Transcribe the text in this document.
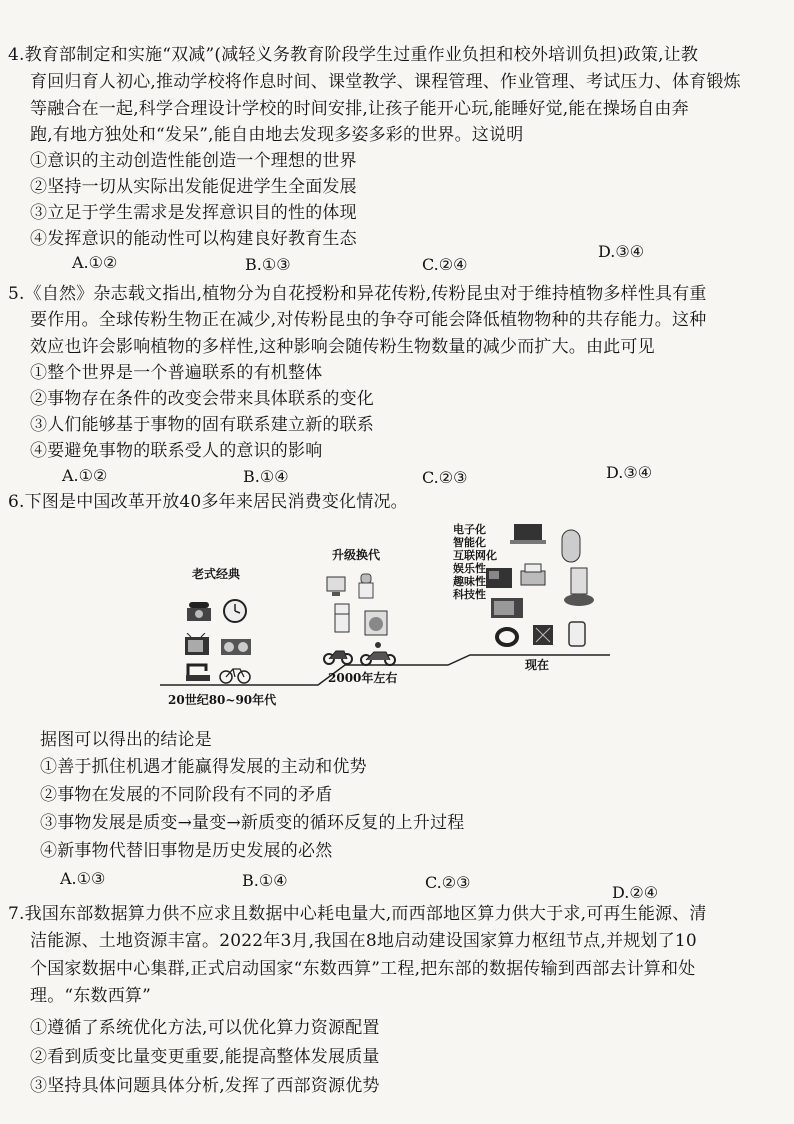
4.教育部制定和实施“双减”(减轻义务教育阶段学生过重作业负担和校外培训负担)政策,让教
育回归育人初心,推动学校将作息时间、课堂教学、课程管理、作业管理、考试压力、体育锻炼
等融合在一起,科学合理设计学校的时间安排,让孩子能开心玩,能睡好觉,能在操场自由奔
跑,有地方独处和“发呆”,能自由地去发现多姿多彩的世界。这说明
①意识的主动创造性能创造一个理想的世界
②坚持一切从实际出发能促进学生全面发展
③立足于学生需求是发挥意识目的性的体现
④发挥意识的能动性可以构建良好教育生态
A.①②	B.①③	C.②④
D.③④
5.《自然》杂志载文指出,植物分为自花授粉和异花传粉,传粉昆虫对于维持植物多样性具有重
要作用。全球传粉生物正在减少,对传粉昆虫的争夺可能会降低植物物种的共存能力。这种
效应也许会影响植物的多样性,这种影响会随传粉生物数量的减少而扩大。由此可见
①整个世界是一个普遍联系的有机整体
②事物存在条件的改变会带来具体联系的变化
③人们能够基于事物的固有联系建立新的联系
④要避免事物的联系受人的意识的影响
A.①②	B.①④	C.②③	D.③④
6.下图是中国改革开放40多年来居民消费变化情况。
老式经典
升级换代
电子化
智能化
互联网化
娱乐性
趣味性
科技性
20世纪80~90年代
2000年左右
现在
据图可以得出的结论是
①善于抓住机遇才能赢得发展的主动和优势
②事物在发展的不同阶段有不同的矛盾
③事物发展是质变→量变→新质变的循环反复的上升过程
④新事物代替旧事物是历史发展的必然
A.①③	B.①④	C.②③
D.②④
7.我国东部数据算力供不应求且数据中心耗电量大,而西部地区算力供大于求,可再生能源、清
洁能源、土地资源丰富。2022年3月,我国在8地启动建设国家算力枢纽节点,并规划了10
个国家数据中心集群,正式启动国家“东数西算”工程,把东部的数据传输到西部去计算和处
理。“东数西算”
①遵循了系统优化方法,可以优化算力资源配置
②看到质变比量变更重要,能提高整体发展质量
③坚持具体问题具体分析,发挥了西部资源优势
